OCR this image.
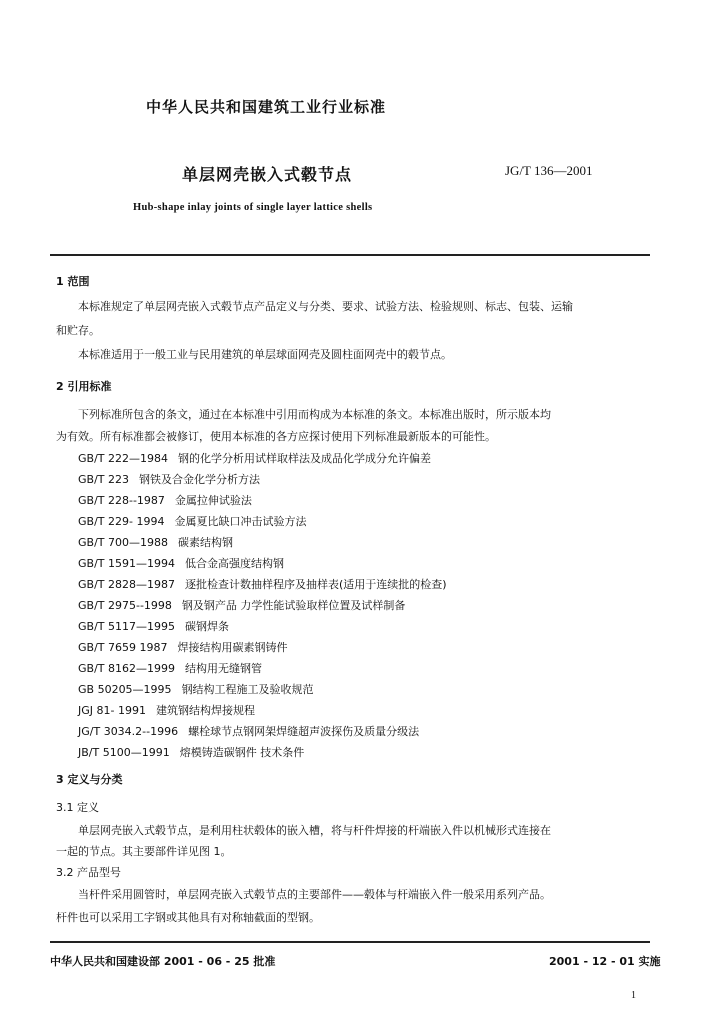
中华人民共和国建筑工业行业标准
单层网壳嵌入式毂节点	JG/T 136—2001
Hub-shape inlay joints of single layer lattice shells
1 范围
本标准规定了单层网壳嵌入式毂节点产品定义与分类、要求、试验方法、检验规则、标志、包装、运输
和贮存。
本标准适用于一般工业与民用建筑的单层球面网壳及圆柱面网壳中的毂节点。
2 引用标准
下列标准所包含的条文，通过在本标准中引用而构成为本标准的条文。本标准出版时，所示版本均
为有效。所有标准都会被修订，使用本标准的各方应探讨使用下列标准最新版本的可能性。
GB/T 222—1984 钢的化学分析用试样取样法及成品化学成分允许偏差
GB/T 223 钢铁及合金化学分析方法
GB/T 228--1987 金属拉伸试验法
GB/T 229- 1994 金属夏比缺口冲击试验方法
GB/T 700—1988 碳素结构钢
GB/T 1591—1994 低合金高强度结构钢
GB/T 2828—1987 逐批检查计数抽样程序及抽样表(适用于连续批的检查)
GB/T 2975--1998 钢及钢产品 力学性能试验取样位置及试样制备
GB/T 5117—1995 碳钢焊条
GB/T 7659 1987 焊接结构用碳素钢铸件
GB/T 8162—1999 结构用无缝钢管
GB 50205—1995 钢结构工程施工及验收规范
JGJ 81- 1991 建筑钢结构焊接规程
JG/T 3034.2--1996 螺栓球节点钢网架焊缝超声波探伤及质量分级法
JB/T 5100—1991 熔模铸造碳钢件 技术条件
3 定义与分类
3.1 定义
单层网壳嵌入式毂节点，是利用柱状毂体的嵌入槽，将与杆件焊接的杆端嵌入件以机械形式连接在
一起的节点。其主要部件详见图 1。
3.2 产品型号
当杆件采用圆管时，单层网壳嵌入式毂节点的主要部件——毂体与杆端嵌入件一般采用系列产品。
杆件也可以采用工字钢或其他具有对称轴截面的型钢。
中华人民共和国建设部 2001 - 06 - 25 批准	2001 - 12 - 01 实施
1
